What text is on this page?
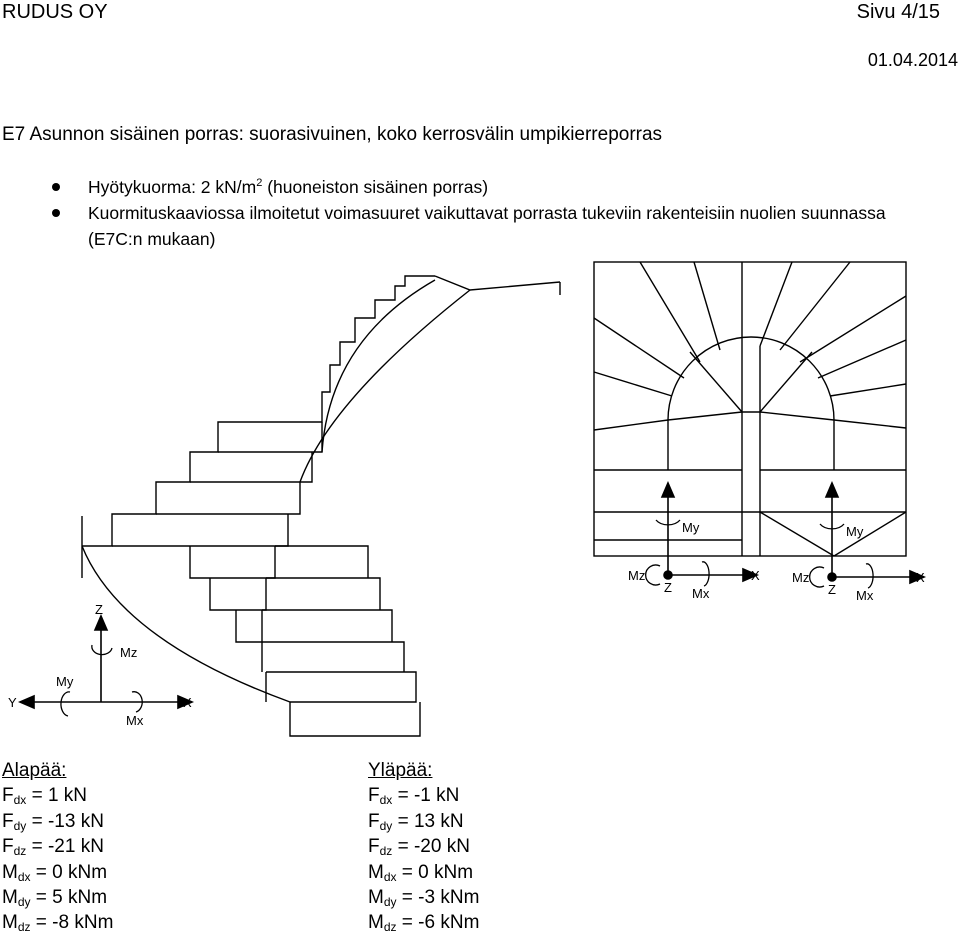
RUDUS OY	Sivu 4/15
01.04.2014
E7 Asunnon sisäinen porras: suorasivuinen, koko kerrosvälin umpikierreporras
Hyötykuorma: 2 $kN/m^2$ (huoneiston sisäinen porras)
Kuormituskaaviossa ilmoitetut voimasuuret vaikuttavat porrasta tukeviin rakenteisiin nuolien suunnassa (E7C:n mukaan)
Z
Mz
My
Y	X
Mx
My	My
Mz	Mz
Z	Z
X	X
Mx	Mx
Alapää:
$F_{dx} = 1$ kN
$F_{dy} = -13$ kN
$F_{dz} = -21$ kN
$M_{dx} = 0$ kNm
$M_{dy} = 5$ kNm
$M_{dz} = -8$ kNm
Yläpää:
$F_{dx} = -1$ kN
$F_{dy} = 13$ kN
$F_{dz} = -20$ kN
$M_{dx} = 0$ kNm
$M_{dy} = -3$ kNm
$M_{dz} = -6$ kNm
